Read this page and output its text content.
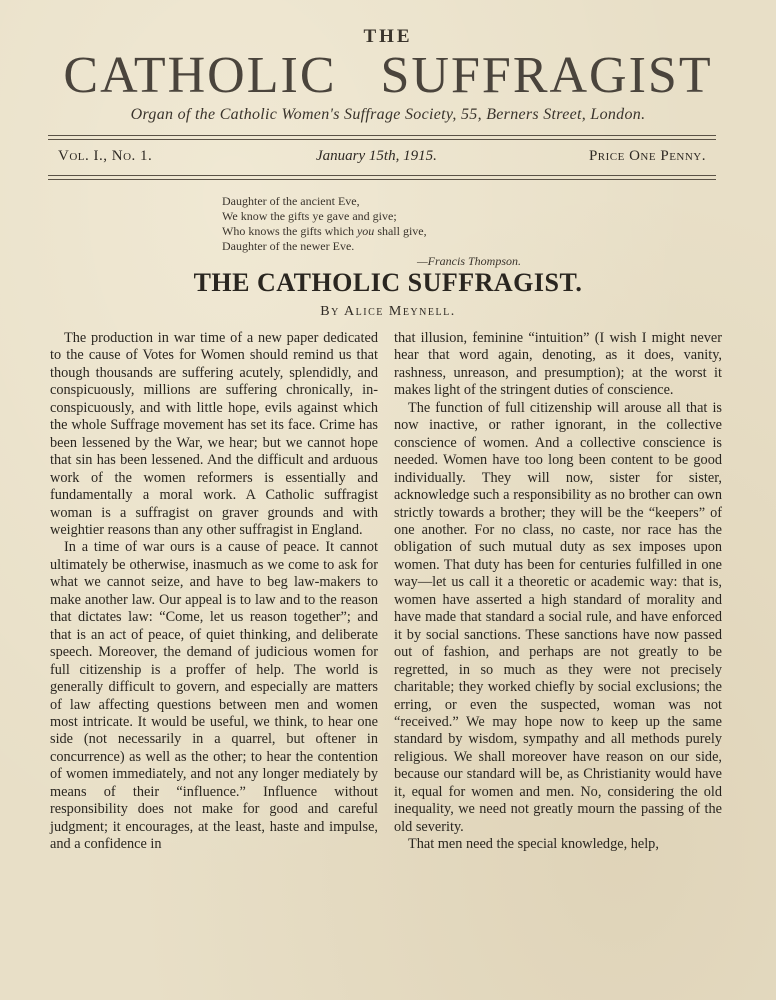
THE
CATHOLIC SUFFRAGIST
Organ of the Catholic Women's Suffrage Society, 55, Berners Street, London.
Vol. I., No. 1.	January 15th, 1915.	Price One Penny.
Daughter of the ancient Eve,
We know the gifts ye gave and give;
Who knows the gifts which you shall give,
Daughter of the newer Eve.
—Francis Thompson.
THE CATHOLIC SUFFRAGIST.
By Alice Meynell.

The production in war time of a new paper dedicated to the cause of Votes for Women should remind us that though thousands are suffering acutely, splendidly, and conspicuously, millions are suffering chronically, inconspicuously, and with little hope, evils against which the whole Suffrage movement has set its face. Crime has been lessened by the War, we hear; but we cannot hope that sin has been lessened. And the difficult and arduous work of the women reformers is essentially and fundamentally a moral work. A Catholic suffragist woman is a suffragist on graver grounds and with weightier reasons than any other suffragist in England.

In a time of war ours is a cause of peace. It cannot ultimately be otherwise, inasmuch as we come to ask for what we cannot seize, and have to beg law-makers to make another law. Our appeal is to law and to the reason that dictates law: “Come, let us reason together”; and that is an act of peace, of quiet thinking, and deliberate speech. Moreover, the demand of judicious women for full citizenship is a proffer of help. The world is generally difficult to govern, and especially are matters of law affecting questions between men and women most intricate. It would be useful, we think, to hear one side (not necessarily in a quarrel, but oftener in concurrence) as well as the other; to hear the contention of women immediately, and not any longer mediately by means of their “influence.” Influence without responsibility does not make for good and careful judgment; it encourages, at the least, haste and impulse, and a confidence in

that illusion, feminine “intuition” (I wish I might never hear that word again, denoting, as it does, vanity, rashness, unreason, and presumption); at the worst it makes light of the stringent duties of conscience.

The function of full citizenship will arouse all that is now inactive, or rather ignorant, in the collective conscience of women. And a collective conscience is needed. Women have too long been content to be good individually. They will now, sister for sister, acknowledge such a responsibility as no brother can own strictly towards a brother; they will be the “keepers” of one another. For no class, no caste, nor race has the obligation of such mutual duty as sex imposes upon women. That duty has been for centuries fulfilled in one way—let us call it a theoretic or academic way: that is, women have asserted a high standard of morality and have made that standard a social rule, and have enforced it by social sanctions. These sanctions have now passed out of fashion, and perhaps are not greatly to be regretted, in so much as they were not precisely charitable; they worked chiefly by social exclusions; the erring, or even the suspected, woman was not “received.” We may hope now to keep up the same standard by wisdom, sympathy and all methods purely religious. We shall moreover have reason on our side, because our standard will be, as Christianity would have it, equal for women and men. No, considering the old inequality, we need not greatly mourn the passing of the old severity.

That men need the special knowledge, help,
